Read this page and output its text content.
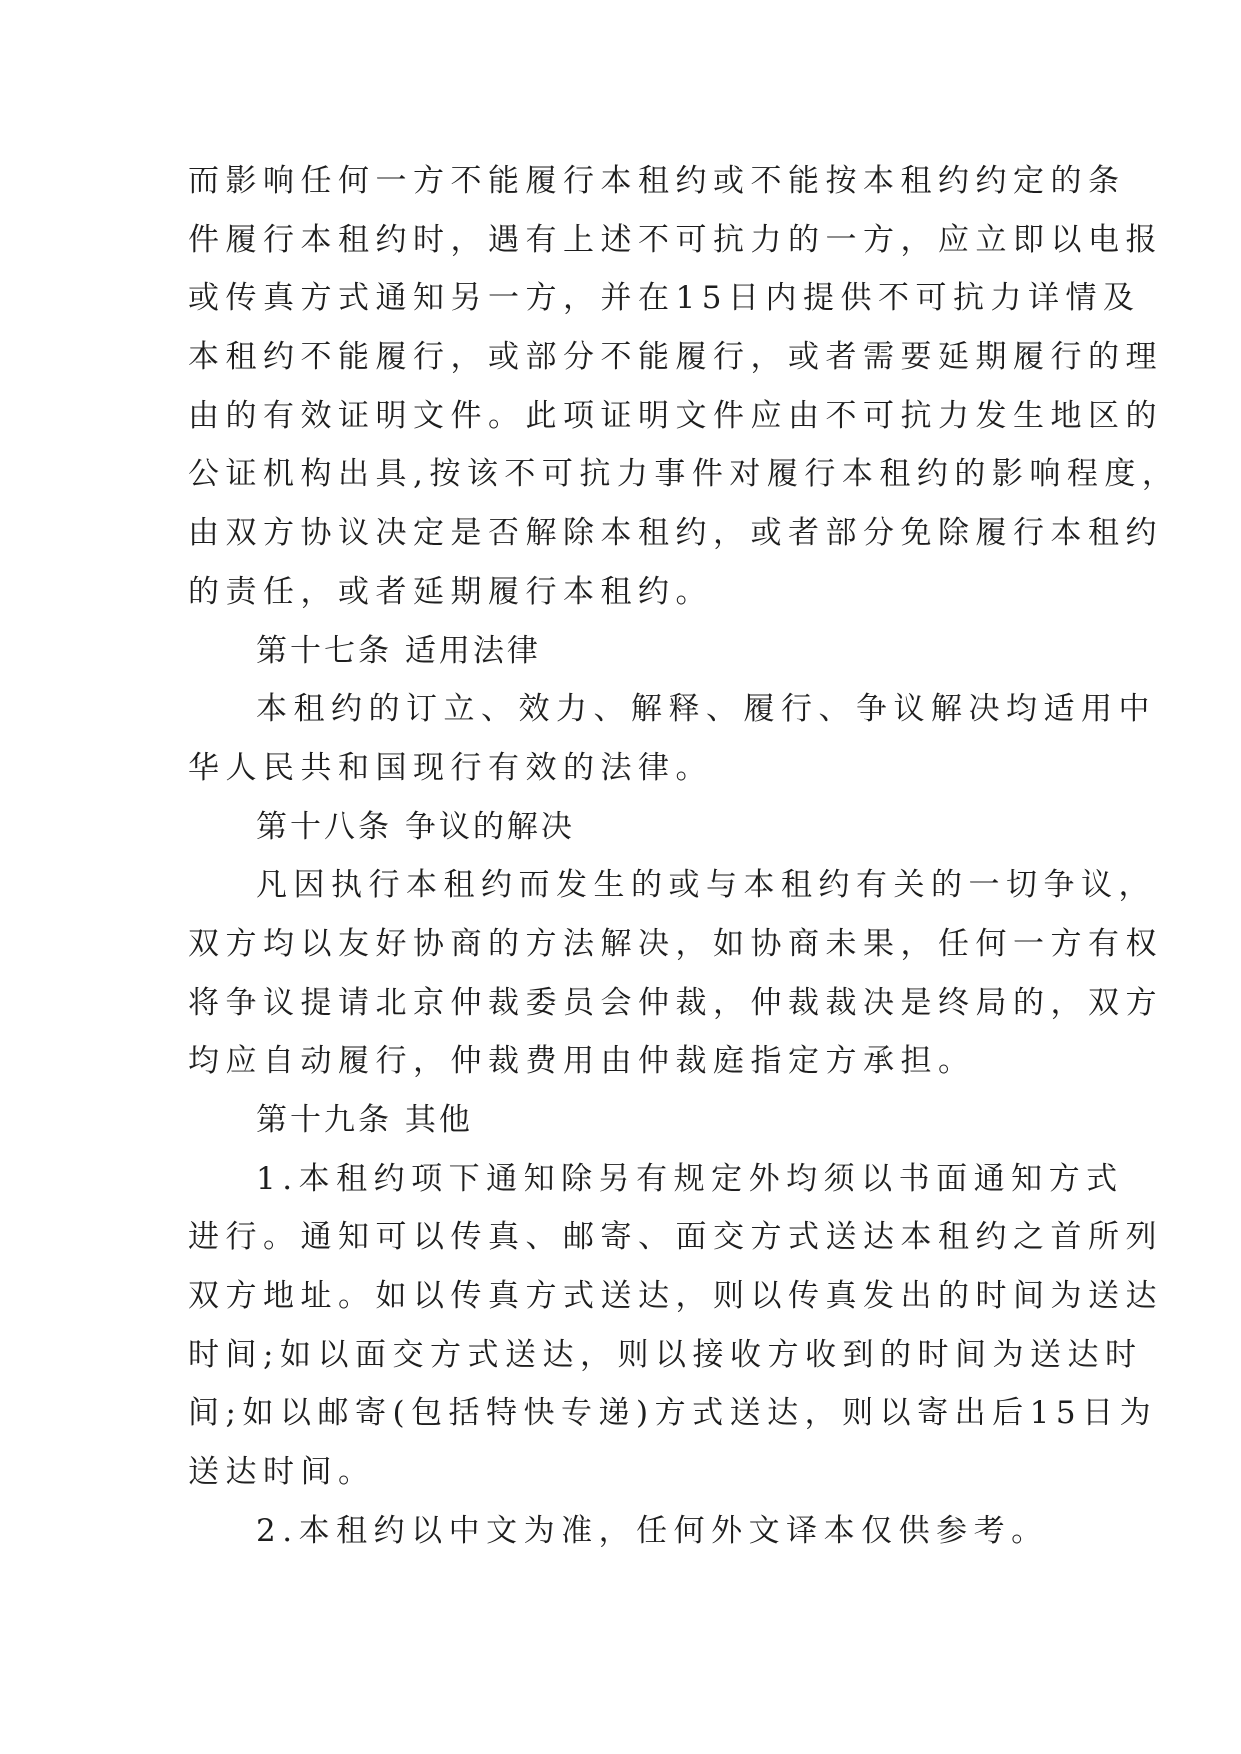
而影响任何一方不能履行本租约或不能按本租约约定的条
件履行本租约时，遇有上述不可抗力的一方，应立即以电报
或传真方式通知另一方，并在15日内提供不可抗力详情及
本租约不能履行，或部分不能履行，或者需要延期履行的理
由的有效证明文件。此项证明文件应由不可抗力发生地区的
公证机构出具,按该不可抗力事件对履行本租约的影响程度，
由双方协议决定是否解除本租约，或者部分免除履行本租约
的责任，或者延期履行本租约。
第十七条 适用法律
本租约的订立、效力、解释、履行、争议解决均适用中
华人民共和国现行有效的法律。
第十八条 争议的解决
凡因执行本租约而发生的或与本租约有关的一切争议，
双方均以友好协商的方法解决，如协商未果，任何一方有权
将争议提请北京仲裁委员会仲裁，仲裁裁决是终局的，双方
均应自动履行，仲裁费用由仲裁庭指定方承担。
第十九条 其他
1.本租约项下通知除另有规定外均须以书面通知方式
进行。通知可以传真、邮寄、面交方式送达本租约之首所列
双方地址。如以传真方式送达，则以传真发出的时间为送达
时间;如以面交方式送达，则以接收方收到的时间为送达时
间;如以邮寄(包括特快专递)方式送达，则以寄出后15日为
送达时间。
2.本租约以中文为准，任何外文译本仅供参考。
